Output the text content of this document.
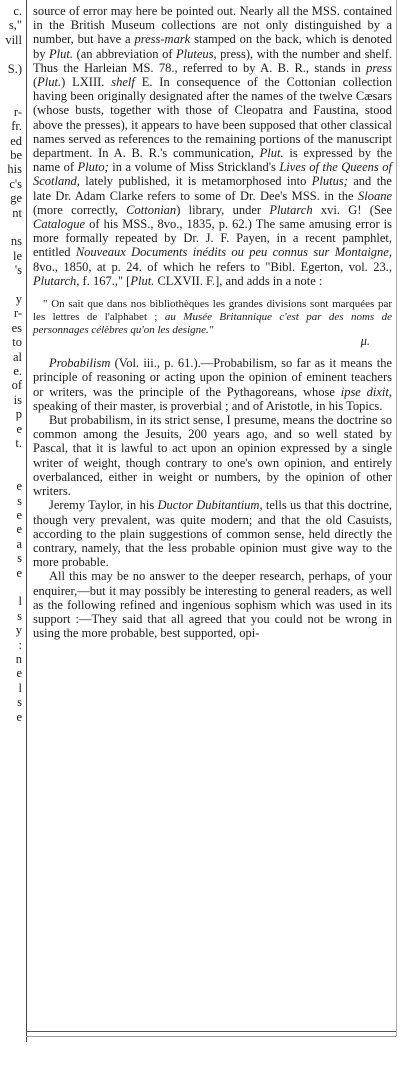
c.
s,"
vill
S.)
r-
fr.
ed
be
his
c's
ge
nt
ns
le
's
y
r-
es
to
al
e.
of
is
p
e
t.
e
s
e
e
a
s
e
l
s
y
:
n
e
l
s
e

source of error may here be pointed out. Nearly all the MSS. contained in the British Museum collections are not only distinguished by a number, but have a press-mark stamped on the back, which is denoted by Plut. (an abbreviation of Pluteus, press), with the number and shelf. Thus the Harleian MS. 78., referred to by A. B. R., stands in press (Plut.) LXIII. shelf E. In consequence of the Cottonian collection having been originally designated after the names of the twelve Cæsars (whose busts, together with those of Cleopatra and Faustina, stood above the presses), it appears to have been supposed that other classical names served as references to the remaining portions of the manuscript department. In A. B. R.'s communication, Plut. is expressed by the name of Pluto; in a volume of Miss Strickland's Lives of the Queens of Scotland, lately published, it is metamorphosed into Plutus; and the late Dr. Adam Clarke refers to some of Dr. Dee's MSS. in the Sloane (more correctly, Cottonian) library, under Plutarch xvi. G! (See Catalogue of his MSS., 8vo., 1835, p. 62.) The same amusing error is more formally repeated by Dr. J. F. Payen, in a recent pamphlet, entitled Nouveaux Documents inédits ou peu connus sur Montaigne, 8vo., 1850, at p. 24. of which he refers to "Bibl. Egerton, vol. 23., Plutarch, f. 167.," [Plut. CLXVII. F.], and adds in a note :

" On sait que dans nos bibliothèques les grandes divisions sont marquées par les lettres de l'alphabet ; au Musée Britannique c'est par des noms de personnages célèbres qu'on les designe."

μ.

Probabilism (Vol. iii., p. 61.).—Probabilism, so far as it means the principle of reasoning or acting upon the opinion of eminent teachers or writers, was the principle of the Pythagoreans, whose ipse dixit, speaking of their master, is proverbial ; and of Aristotle, in his Topics.

But probabilism, in its strict sense, I presume, means the doctrine so common among the Jesuits, 200 years ago, and so well stated by Pascal, that it is lawful to act upon an opinion expressed by a single writer of weight, though contrary to one's own opinion, and entirely overbalanced, either in weight or numbers, by the opinion of other writers.

Jeremy Taylor, in his Ductor Dubitantium, tells us that this doctrine, though very prevalent, was quite modern; and that the old Casuists, according to the plain suggestions of common sense, held directly the contrary, namely, that the less probable opinion must give way to the more probable.

All this may be no answer to the deeper research, perhaps, of your enquirer,—but it may possibly be interesting to general readers, as well as the following refined and ingenious sophism which was used in its support :—They said that all agreed that you could not be wrong in using the more probable, best supported, opi-
